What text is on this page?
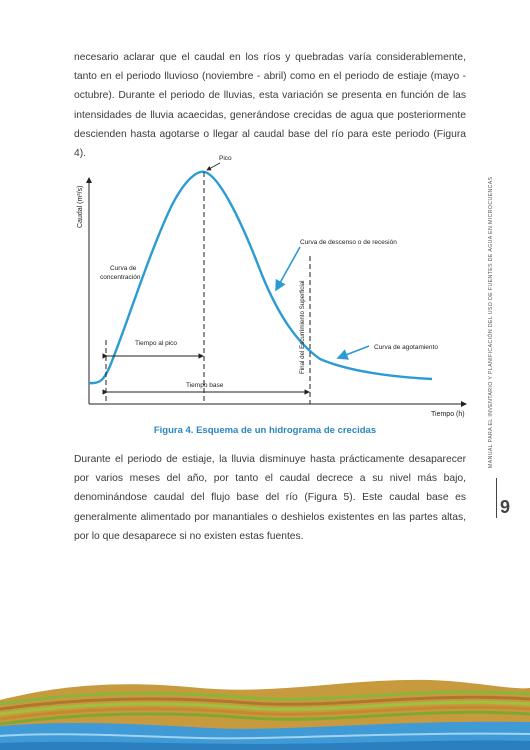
necesario aclarar que el caudal en los ríos y quebradas varía considerablemente, tanto en el periodo lluvioso (noviembre - abril) como en el periodo de estiaje (mayo - octubre). Durante el periodo de lluvias, esta variación se presenta en función de las intensidades de lluvia acaecidas, generándose crecidas de agua que posteriormente descienden hasta agotarse o llegar al caudal base del río para este periodo (Figura 4).

Caudal (m³/s)
Tiempo (h)
Pico
Curva de descenso o de recesión
Curva de
concentración
Tiempo al pico
Curva de agotamiento
Final del Escurrimiento Superficial
Tiempo base
Figura 4. Esquema de un hidrograma de crecidas

Durante el periodo de estiaje, la lluvia disminuye hasta prácticamente desaparecer por varios meses del año, por tanto el caudal decrece a su nivel más bajo, denominándose caudal del flujo base del río (Figura 5). Este caudal base es generalmente alimentado por manantiales o deshielos existentes en las partes altas, por lo que desaparece si no existen estas fuentes.

MANUAL PARA EL INVENTARIO Y PLANIFICACIÓN DEL USO DE FUENTES DE AGUA EN MICROCUENCAS
9
